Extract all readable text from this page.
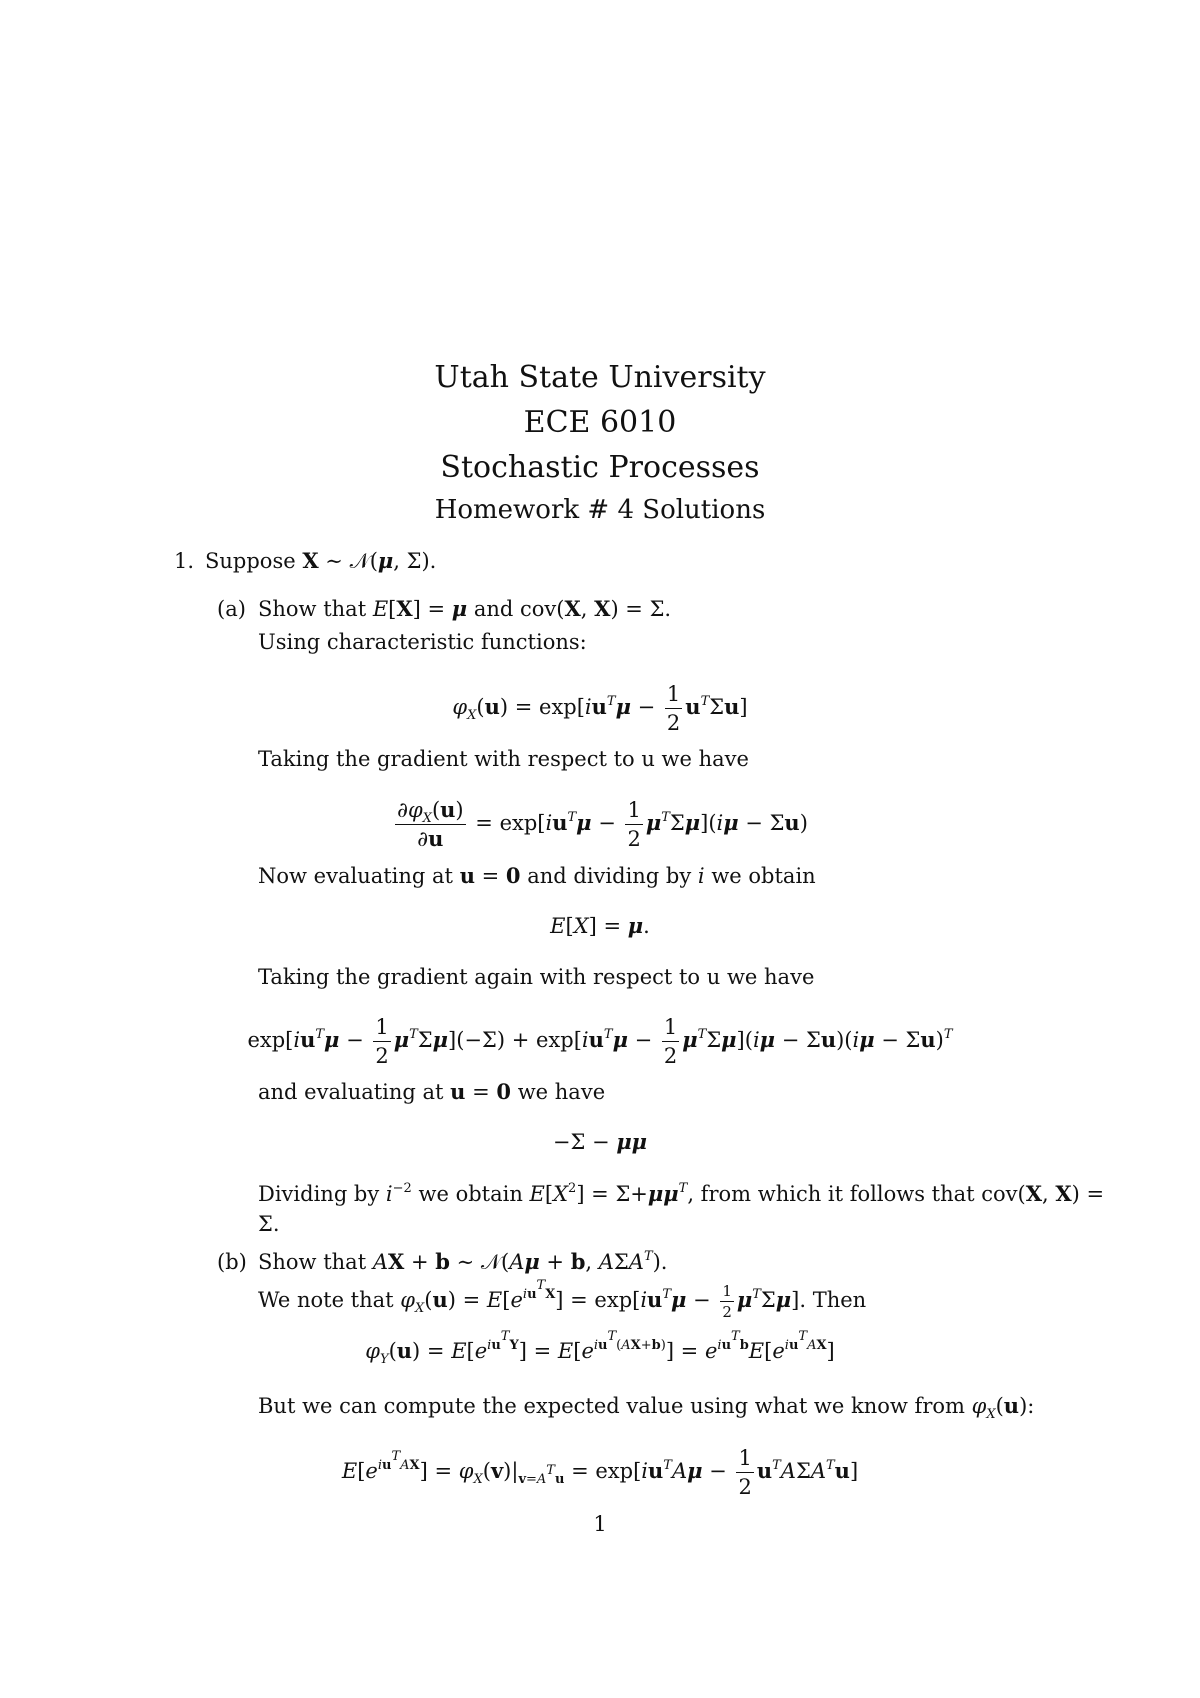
Utah State University
ECE 6010
Stochastic Processes
Homework # 4 Solutions
1. Suppose X ∼ 𝒩(μ, Σ).
(a) Show that E[X] = μ and cov(X, X) = Σ.
Using characteristic functions:
$\varphi_X(u) = \exp[iu^T\mu - \frac{1}{2} u^T\Sigma u]$
Taking the gradient with respect to u we have
$\frac{\partial\varphi_X(u)}{\partial u} = \exp[iu^T\mu - \frac{1}{2} \mu^T\Sigma\mu](i\mu - \Sigma u)$
Now evaluating at u = 0 and dividing by i we obtain
E[X] = μ.
Taking the gradient again with respect to u we have
$\exp[iu^T\mu - \frac{1}{2} \mu^T\Sigma\mu](-\Sigma) + \exp[iu^T\mu - \frac{1}{2} \mu^T\Sigma\mu](i\mu - \Sigma u)(i\mu - \Sigma u)^T$
and evaluating at u = 0 we have
−Σ − μμ
Dividing by $i^{-2}$ we obtain $E[X^2] = \Sigma+\mu\mu^T$, from which it follows that cov(X, X) =
Σ.
(b) Show that AX + b ∼ 𝒩(Aμ + b, $A\Sigma A^T$).
We note that $\varphi_X(u) = E[e^{iu^TX}] = \exp[iu^T\mu - \frac{1}{2} \mu^T\Sigma\mu]$. Then
$\varphi_Y(u) = E[e^{iu^TY}] = E[e^{iu^T(AX+b)}] = e^{iu^Tb}E[e^{iu^TAX}]$
But we can compute the expected value using what we know from $\varphi_X(u)$:
$E[e^{iu^TAX}] = \varphi_X(v)|_{v=A^Tu} = \exp[iu^TA\mu - \frac{1}{2} u^TA\Sigma A^Tu]$
1
